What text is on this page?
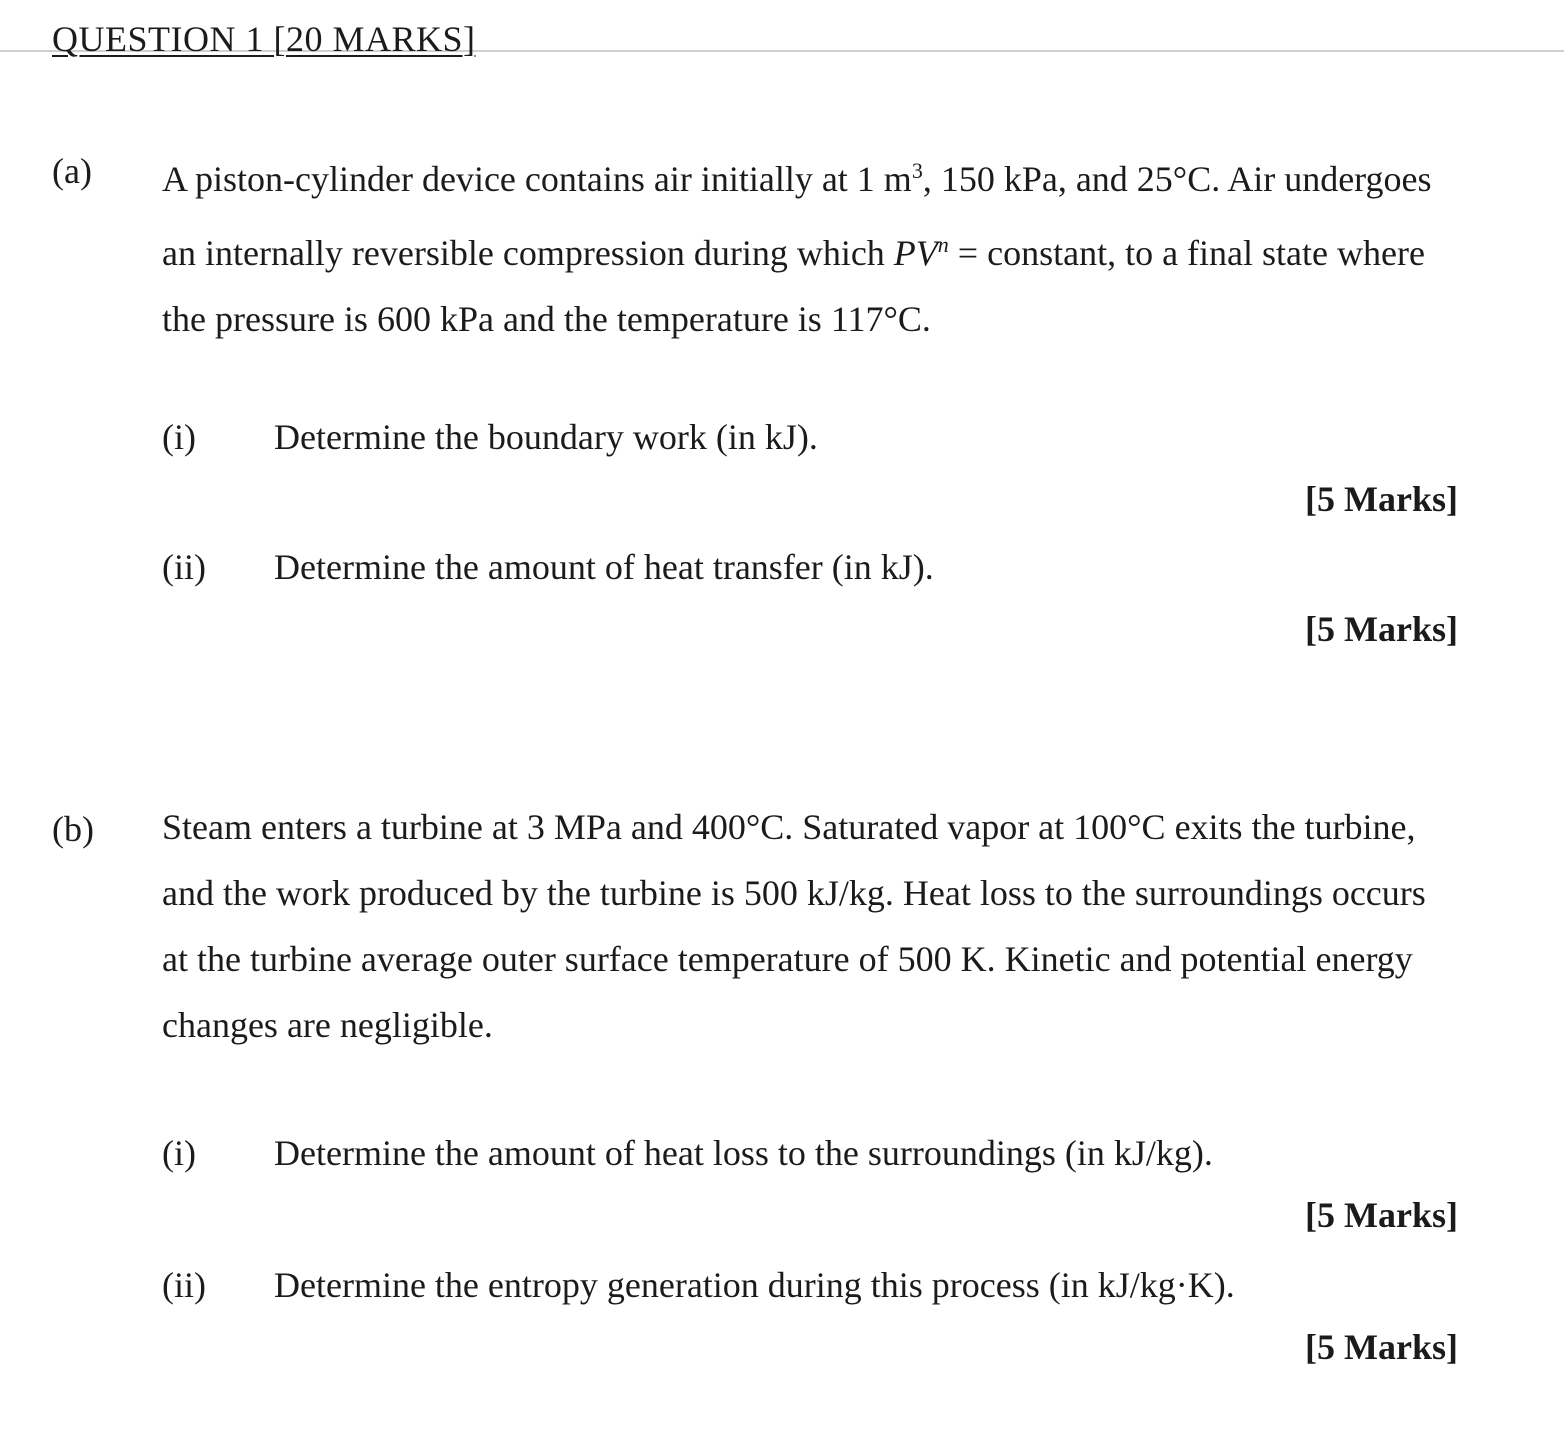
QUESTION 1 [20 MARKS]
(a) A piston-cylinder device contains air initially at 1 $m^3$, 150 kPa, and 25°C. Air undergoes
an internally reversible compression during which $PV^n$ = constant, to a final state where
the pressure is 600 kPa and the temperature is 117°C.
(i) Determine the boundary work (in kJ).
[5 Marks]
(ii) Determine the amount of heat transfer (in kJ).
[5 Marks]
(b) Steam enters a turbine at 3 MPa and 400°C. Saturated vapor at 100°C exits the turbine,
and the work produced by the turbine is 500 kJ/kg. Heat loss to the surroundings occurs
at the turbine average outer surface temperature of 500 K. Kinetic and potential energy
changes are negligible.
(i) Determine the amount of heat loss to the surroundings (in kJ/kg).
[5 Marks]
(ii) Determine the entropy generation during this process (in kJ/kg·K).
[5 Marks]
